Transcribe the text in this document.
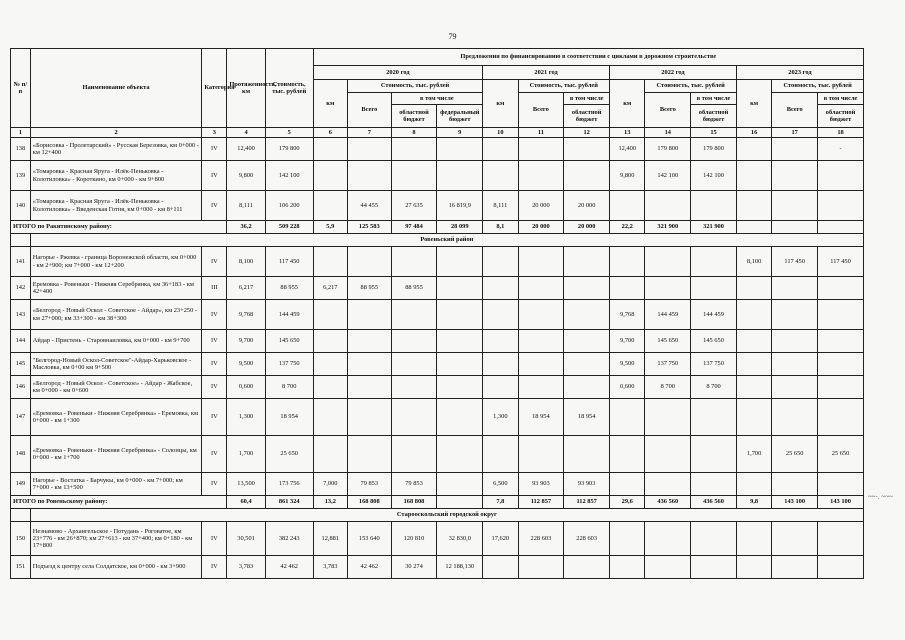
79
~~·. ~~~
№ п/п	Наименование объекта	Категория	Протяженность, км	Стоимость, тыс. рублей	Предложения по финансированию в соответствии с циклами в дорожном строительстве												
					2020 год				2021 год			2022 год			2023 год		
					км	Стоимость, тыс. рублей			км	Стоимость, тыс. рублей		км	Стоимость, тыс. рублей		км	Стоимость, тыс. рублей	
						Всего	в том числе			Всего	в том числе		Всего	в том числе		Всего	в том числе
							областной бюджет	федеральный бюджет			областной бюджет			областной бюджет			областной бюджет
1	2	3	4	5	6	7	8	9	10	11	12	13	14	15	16	17	18
138	«Борисовка - Пролетарский» - Русская Березовка, км 0+000 - км 12+400	IV	12,400	179 800								12,400	179 800	179 800			-
139	«Томаровка - Красная Яруга - Илёк-Пеньковка - Колотиловка» - Короткино, км 0+000 - км 9+800	IV	9,800	142 100								9,800	142 100	142 100			
140	«Томаровка - Красная Яруга - Илёк-Пеньковка - Колотиловка» - Введенская Готня, км 0+000 - км 8+111	IV	8,111	106 200		44 455	27 635	16 819,9	8,111	20 000	20 000						
ИТОГО по Ракитянскому району:			36,2	509 228	5,9	125 583	97 484	28 099	8,1	20 000	20 000	22,2	321 900	321 900			
	Ровеньский район																
141	Нагорье - Ржевка - граница Воронежской области, км 0+000 - км 2+900; км 7+000 - км 12+200	IV	8,100	117 450											8,100	117 450	117 450
142	Еремовка - Ровеньки - Нижняя Серебрянка, км 36+183 - км 42+400	III	6,217	88 955	6,217	88 955	88 955										
143	«Белгород - Новый Оскол - Советское - Айдар», км 23+250 - км 27+000; км 33+300 - км 38+300	IV	9,768	144 459								9,768	144 459	144 459			
144	Айдар - Пристень - Старовнаиловка, км 0+000 - км 9+700	IV	9,700	145 650								9,700	145 650	145 650			
145	"Белгород-Новый Оскол-Советское"-Айдар-Харьковское - Масловка, км 0+00 км 9+500	IV	9,500	137 750								9,500	137 750	137 750			
146	«Белгород - Новый Оскол - Советское» - Айдар - Жабское, км 0+000 - км 0+600	IV	0,600	8 700								0,600	8 700	8 700			
147	«Еремовка - Ровеньки - Нижняя Серебрянка» - Еремовка, км 0+000 - км 1+300	IV	1,300	18 954					1,300	18 954	18 954						
148	«Еремовка - Ровеньки - Нижняя Серебрянка» - Солонцы, км 0+000 - км 1+700	IV	1,700	25 650											1,700	25 650	25 650
149	Нагорье - Востатка - Барчукы, км 0+000 - км 7+000; км 7+000 - км 13+500	IV	13,500	173 756	7,000	79 853	79 853		6,500	93 903	93 903						
ИТОГО по Ровеньскому району:			60,4	861 324	13,2	168 808	168 808		7,8	112 857	112 857	29,6	436 560	436 560	9,8	143 100	143 100
	Старооскольский городской округ																
150	Незнамово - Архангельское - Потудань - Роговатое, км 23+776 - км 26+870; км 27+613 - км 37+400; км 0+180 - км 17+800	IV	30,501	382 243	12,881	153 640	120 810	32 830,0	17,620	228 603	228 603						
151	Подъезд к центру села Солдатское, км 0+000 - км 3+900	IV	3,783	42 462	3,783	42 462	30 274	12 188,130									
